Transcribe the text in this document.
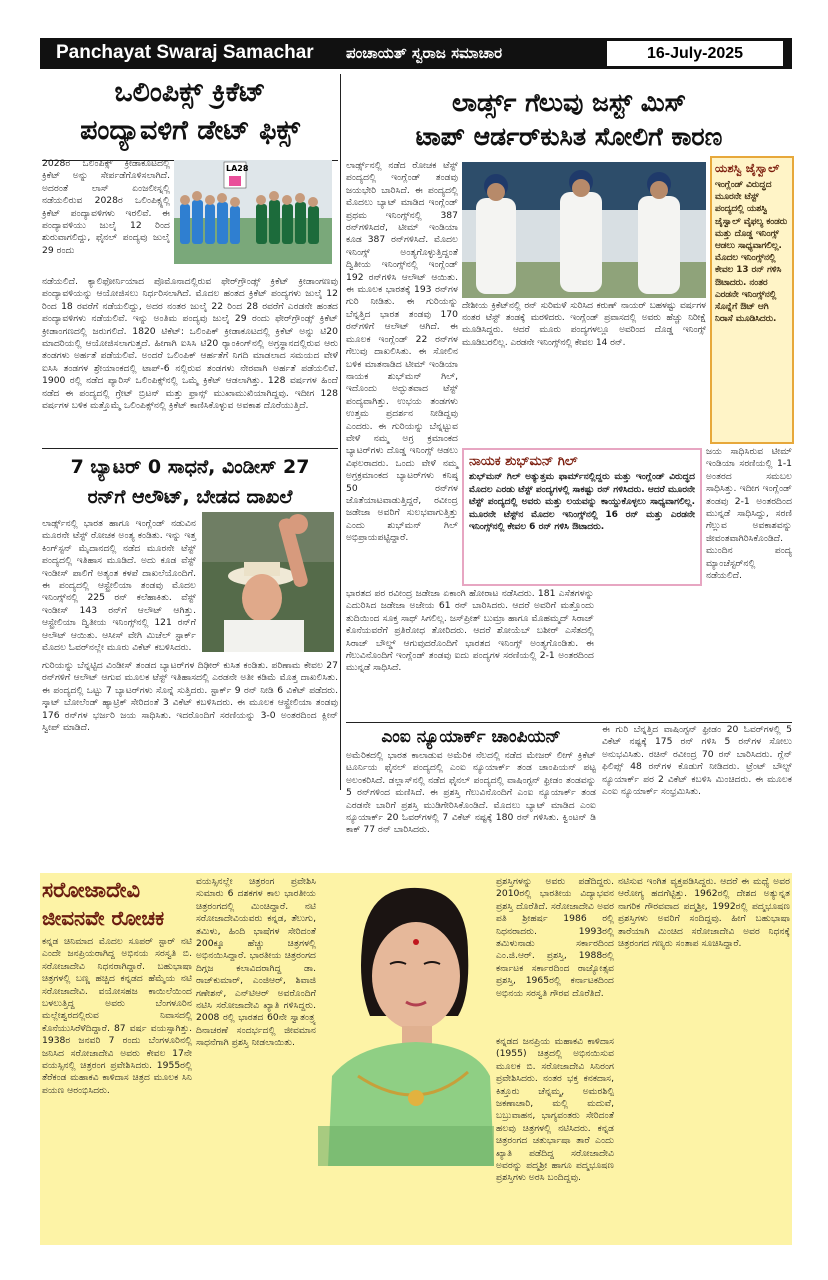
Panchayat Swaraj Samachar ಪಂಚಾಯತ್ ಸ್ವರಾಜ ಸಮಾಚಾರ	16-July-2025	4
ಒಲಿಂಪಿಕ್ಸ್ ಕ್ರಿಕೆಟ್
ಪಂದ್ಯಾವಳಿಗೆ ಡೇಟ್ ಫಿಕ್ಸ್
2028ರ ಒಲಿಂಪಿಕ್ಸ್ ಕ್ರೀಡಾಕೂಟದಲ್ಲಿ ಕ್ರಿಕೆಟ್ ಅನ್ನು ಸೇರ್ಪಡೆಗೊಳಿಸಲಾಗಿದೆ. ಅದರಂತೆ ಲಾಸ್ ಏಂಜಲೀಸ್ನಲ್ಲಿ ನಡೆಯಲಿರುವ 2028ರ ಒಲಿಂಪಿಕ್ಸ್ನಲ್ಲಿ ಕ್ರಿಕೆಟ್ ಪಂದ್ಯಾವಳಿಗಳು ಇರಲಿವೆ. ಈ ಪಂದ್ಯಾವಳಿಯು ಜುಲೈ 12 ರಿಂದ ಶುರುವಾಗಲಿದ್ದು, ಫೈನಲ್ ಪಂದ್ಯವು ಜುಲೈ 29 ರಂದು
LA28
ನಡೆಯಲಿದೆ. ಕ್ಯಾಲಿಫೋರ್ನಿಯಾದ ಪೊಮೊನಾದಲ್ಲಿರುವ ಫೇರ್‌ಗ್ರೌಂಡ್ಸ್ ಕ್ರಿಕೆಟ್ ಕ್ರೀಡಾಂಗಣವು ಪಂದ್ಯಾವಳಿಯನ್ನು ಆಯೋಜಿಸಲು ನಿರ್ಧರಿಸಲಾಗಿದೆ. ಮೊದಲ ಹಂತದ ಕ್ರಿಕೆಟ್ ಪಂದ್ಯಗಳು ಜುಲೈ 12 ರಿಂದ 18 ರವರೆಗೆ ನಡೆಯಲಿದ್ದು, ಅದರ ನಂತರ ಜುಲೈ 22 ರಿಂದ 28 ರವರೆಗೆ ಎರಡನೇ ಹಂತದ ಪಂದ್ಯಾವಳಿಗಳು ನಡೆಯಲಿವೆ. ಇನ್ನು ಅಂತಿಮ ಪಂದ್ಯವು ಜುಲೈ 29 ರಂದು ಫೇರ್‌ಗ್ರೌಂಡ್ಸ್ ಕ್ರಿಕೆಟ್ ಕ್ರೀಡಾಂಗಣದಲ್ಲಿ ಜರುಗಲಿದೆ. 1820 ಟಿಕೆಟ್: ಒಲಿಂಪಿಕ್ ಕ್ರೀಡಾಕೂಟದಲ್ಲಿ ಕ್ರಿಕೆಟ್ ಅನ್ನು ಟಿ20 ಮಾದರಿಯಲ್ಲಿ ಆಯೋಜಿಸಲಾಗುತ್ತದೆ. ಹೀಗಾಗಿ ಐಸಿಸಿ ಟಿ20 ರ‍್ಯಾಂಕಿಂಗ್‌ನಲ್ಲಿ ಅಗ್ರಸ್ಥಾನದಲ್ಲಿರುವ ಆರು ತಂಡಗಳು ಅರ್ಹತೆ ಪಡೆಯಲಿವೆ. ಅಂದರೆ ಒಲಿಂಪಿಕ್ ಆರ್ಹತೆಗೆ ನಿಗದಿ ಮಾಡಲಾದ ಸಮಯದ ವೇಳೆ ಐಸಿಸಿ ತಂಡಗಳ ಶ್ರೇಯಾಂಕದಲ್ಲಿ ಟಾಪ್-6 ನಲ್ಲಿರುವ ತಂಡಗಳು ನೇರವಾಗಿ ಅರ್ಹತೆ ಪಡೆಯಲಿವೆ. 1900 ರಲ್ಲಿ ನಡೆದ ಪ್ಯಾರಿಸ್ ಒಲಿಂಪಿಕ್ಸ್‌ನಲ್ಲಿ ಒಮ್ಮೆ ಕ್ರಿಕೆಟ್ ಆಡಲಾಗಿತ್ತು. 128 ವರ್ಷಗಳ ಹಿಂದೆ ನಡೆದ ಈ ಪಂದ್ಯದಲ್ಲಿ ಗ್ರೇಟ್ ಬ್ರಿಟನ್ ಮತ್ತು ಫ್ರಾನ್ಸ್ ಮುಖಾಮುಖಿಯಾಗಿದ್ದವು. ಇದೀಗ 128 ವರ್ಷಗಳ ಬಳಿಕ ಮತ್ತೊಮ್ಮೆ ಒಲಿಂಪಿಕ್ಸ್‌ನಲ್ಲಿ ಕ್ರಿಕೆಟ್ ಕಾಣಿಸಿಕೊಳ್ಳುವ ಅವಕಾಶ ದೊರೆಯುತ್ತಿದೆ.
7 ಬ್ಯಾಟರ್ 0 ಸಾಧನೆ, ವಿಂಡೀಸ್ 27
ರನ್‌ಗೆ ಆಲೌಟ್, ಬೇಡದ ದಾಖಲೆ
ಲಾರ್ಡ್ಸ್‌ನಲ್ಲಿ ಭಾರತ ಹಾಗೂ ಇಂಗ್ಲೆಂಡ್ ನಡುವಿನ ಮೂರನೇ ಟೆಸ್ಟ್ ರೋಚಕ ಅಂತ್ಯ ಕಂಡಿತು. ಇನ್ನು ಇತ್ತ ಕಿಂಗ್‌ಸ್ಟನ್ ಮೈದಾನದಲ್ಲಿ ನಡೆದ ಮೂರನೇ ಟೆಸ್ಟ್ ಪಂದ್ಯದಲ್ಲಿ ಇತಿಹಾಸ ಮೂಡಿದೆ. ಅದು ಕೂಡ ವೆಸ್ಟ್ ಇಂಡೀಸ್ ಪಾಲಿಗೆ ಅತ್ಯಂತ ಕಳಪೆ ದಾಖಲೆಯೊಂದಿಗೆ. ಈ ಪಂದ್ಯದಲ್ಲಿ ಆಸ್ಟ್ರೇಲಿಯಾ ತಂಡವು ಮೊದಲ ಇನಿಂಗ್ಸ್‌ನಲ್ಲಿ 225 ರನ್ ಕಲೆಹಾಕಿತು. ವೆಸ್ಟ್ ಇಂಡೀಸ್ 143 ರನ್‌ಗೆ ಆಲೌಟ್ ಆಗಿತ್ತು. ಆಸ್ಟ್ರೇಲಿಯಾ ದ್ವಿತೀಯ ಇನಿಂಗ್ಸ್‌ನಲ್ಲಿ 121 ರನ್‌ಗೆ ಆಲೌಟ್ ಆಯಿತು. ಆಸೀಸ್ ವೇಗಿ ಮಿಚೆಲ್ ಸ್ಟಾರ್ಕ್ ಮೊದಲ ಓವರ್‌ನಲ್ಲೇ ಮೂರು ವಿಕೆಟ್ ಕಬಳಿಸಿದರು.
ಗುರಿಯನ್ನು ಬೆನ್ನಟ್ಟಿದ ವಿಂಡೀಸ್ ತಂಡದ ಬ್ಯಾಟರ್‌ಗಳ ದಿಢೀರ್ ಕುಸಿತ ಕಂಡಿತು. ಪರಿಣಾಮ ಕೇವಲ 27 ರನ್‌ಗಳಿಗೆ ಆಲೌಟ್ ಆಗುವ ಮೂಲಕ ಟೆಸ್ಟ್ ಇತಿಹಾಸದಲ್ಲಿ ಎರಡನೇ ಅತೀ ಕಡಿಮೆ ಮೊತ್ತ ದಾಖಲಿಸಿತು. ಈ ಪಂದ್ಯದಲ್ಲಿ ಒಟ್ಟು 7 ಬ್ಯಾಟರ್‌ಗಳು ಸೊನ್ನೆ ಸುತ್ತಿದರು. ಸ್ಟಾರ್ಕ್ 9 ರನ್ ನೀಡಿ 6 ವಿಕೆಟ್ ಪಡೆದರು. ಸ್ಕಾಟ್ ಬೋಲೆಂಡ್ ಹ್ಯಾಟ್ರಿಕ್ ಸೇರಿದಂತೆ 3 ವಿಕೆಟ್ ಕಬಳಿಸಿದರು. ಈ ಮೂಲಕ ಆಸ್ಟ್ರೇಲಿಯಾ ತಂಡವು 176 ರನ್‌ಗಳ ಭರ್ಜರಿ ಜಯ ಸಾಧಿಸಿತು. ಇದರೊಂದಿಗೆ ಸರಣಿಯನ್ನು 3-0 ಅಂತರದಿಂದ ಕ್ಲೀನ್ ಸ್ವೀಪ್ ಮಾಡಿದೆ.
ಲಾರ್ಡ್ಸ್ ಗೆಲುವು ಜಸ್ಟ್ ಮಿಸ್
ಟಾಪ್ ಆರ್ಡರ್‌ಕುಸಿತ ಸೋಲಿಗೆ ಕಾರಣ
ಲಾರ್ಡ್ಸ್‌ನಲ್ಲಿ ನಡೆದ ರೋಚಕ ಟೆಸ್ಟ್ ಪಂದ್ಯದಲ್ಲಿ ಇಂಗ್ಲೆಂಡ್ ತಂಡವು ಜಯಭೇರಿ ಬಾರಿಸಿದೆ. ಈ ಪಂದ್ಯದಲ್ಲಿ ಮೊದಲು ಬ್ಯಾಟ್ ಮಾಡಿದ ಇಂಗ್ಲೆಂಡ್ ಪ್ರಥಮ ಇನಿಂಗ್ಸ್‌ನಲ್ಲಿ 387 ರನ್‌ಗಳಿಸಿದರೆ, ಟೀಮ್ ಇಂಡಿಯಾ ಕೂಡ 387 ರನ್‌ಗಳಿಸಿದೆ. ಮೊದಲ ಇನಿಂಗ್ಸ್ ಅಂತ್ಯಗೊಳ್ಳುತ್ತಿದ್ದಂತೆ ದ್ವಿತೀಯ ಇನಿಂಗ್ಸ್‌ನಲ್ಲಿ ಇಂಗ್ಲೆಂಡ್ 192 ರನ್‌ಗಳಿಸಿ ಆಲೌಟ್ ಆಯಿತು. ಈ ಮೂಲಕ ಭಾರತಕ್ಕೆ 193 ರನ್‌ಗಳ ಗುರಿ ನೀಡಿತು. ಈ ಗುರಿಯನ್ನು ಬೆನ್ನತ್ತಿದ ಭಾರತ ತಂಡವು 170 ರನ್‌ಗಳಿಗೆ ಆಲೌಟ್ ಆಗಿದೆ. ಈ ಮೂಲಕ ಇಂಗ್ಲೆಂಡ್ 22 ರನ್‌ಗಳ ಗೆಲುವು ದಾಖಲಿಸಿತು. ಈ ಸೋಲಿನ ಬಳಿಕ ಮಾತನಾಡಿದ ಟೀಮ್ ಇಂಡಿಯಾ ನಾಯಕ ಶುಭ್‌ಮನ್ ಗಿಲ್, ಇದೊಂದು ಅದ್ಭುತವಾದ ಟೆಸ್ಟ್ ಪಂದ್ಯವಾಗಿತ್ತು. ಉಭಯ ತಂಡಗಳು ಉತ್ತಮ ಪ್ರದರ್ಶನ ನೀಡಿದ್ದವು ಎಂದರು. ಈ ಗುರಿಯನ್ನು ಬೆನ್ನಟ್ಟುವ ವೇಳೆ ನಮ್ಮ ಅಗ್ರ ಕ್ರಮಾಂಕದ ಬ್ಯಾಟರ್‌ಗಳು ದೊಡ್ಡ ಇನಿಂಗ್ಸ್ ಆಡಲು ವಿಫಲರಾದರು. ಒಂದು ವೇಳೆ ನಮ್ಮ ಅಗ್ರಕ್ರಮಾಂಕದ ಬ್ಯಾಟರ್‌ಗಳು ಕನಿಷ್ಠ 50 ರನ್‌ಗಳ ಜೊತೆಯಾಟವಾಡುತ್ತಿದ್ದರೆ, ರವೀಂದ್ರ ಜಡೇಜಾ ಅವರಿಗೆ ಸುಲಭವಾಗುತ್ತಿತ್ತು ಎಂದು ಶುಭ್‌ಮನ್ ಗಿಲ್ ಅಭಿಪ್ರಾಯಪಟ್ಟಿದ್ದಾರೆ.
ಯಶಸ್ವಿ ಜೈಸ್ವಾಲ್
ಇಂಗ್ಲೆಂಡ್ ವಿರುದ್ಧದ ಮೂರನೇ ಟೆಸ್ಟ್ ಪಂದ್ಯದಲ್ಲಿ ಯಶಸ್ವಿ ಜೈಸ್ವಾಲ್ ವೈಫಲ್ಯ ಕಂಡರು ಮತ್ತು ದೊಡ್ಡ ಇನಿಂಗ್ಸ್ ಆಡಲು ಸಾಧ್ಯವಾಗಲಿಲ್ಲ. ಮೊದಲ ಇನಿಂಗ್ಸ್‌ನಲ್ಲಿ ಕೇವಲ 13 ರನ್ ಗಳಿಸಿ ಔಟಾದರು. ನಂತರ ಎರಡನೇ ಇನಿಂಗ್ಸ್‌ನಲ್ಲಿ ಸೊನ್ನೆಗೆ ಔಟ್ ಆಗಿ ನಿರಾಸೆ ಮೂಡಿಸಿದರು.
ದೇಶೀಯ ಕ್ರಿಕೆಟ್‌ನಲ್ಲಿ ರನ್ ಸುರಿಮಳೆ ಸುರಿಸಿದ ಕರುಣ್ ನಾಯರ್ ಬಹಳಷ್ಟು ವರ್ಷಗಳ ನಂತರ ಟೆಸ್ಟ್ ತಂಡಕ್ಕೆ ಮರಳಿದರು. ಇಂಗ್ಲೆಂಡ್ ಪ್ರವಾಸದಲ್ಲಿ ಅವರು ಹೆಚ್ಚು ನಿರೀಕ್ಷೆ ಮೂಡಿಸಿದ್ದರು. ಆದರೆ ಮೂರು ಪಂದ್ಯಗಳಲ್ಲೂ ಅವರಿಂದ ದೊಡ್ಡ ಇನಿಂಗ್ಸ್ ಮೂಡಿಬರಲಿಲ್ಲ. ಎರಡನೇ ಇನಿಂಗ್ಸ್‌ನಲ್ಲಿ ಕೇವಲ 14 ರನ್.
ನಾಯಕ ಶುಭ್‌ಮನ್ ಗಿಲ್
ಶುಭ್‌ಮನ್ ಗಿಲ್ ಅತ್ಯುತ್ತಮ ಫಾರ್ಮ್‌ನಲ್ಲಿದ್ದರು ಮತ್ತು ಇಂಗ್ಲೆಂಡ್ ವಿರುದ್ಧದ ಮೊದಲ ಎರಡು ಟೆಸ್ಟ್ ಪಂದ್ಯಗಳಲ್ಲಿ ಸಾಕಷ್ಟು ರನ್ ಗಳಿಸಿದರು. ಆದರೆ ಮೂರನೇ ಟೆಸ್ಟ್ ಪಂದ್ಯದಲ್ಲಿ ಅವರು ಮತ್ತು ಲಯವನ್ನು ಕಾಯ್ದುಕೊಳ್ಳಲು ಸಾಧ್ಯವಾಗಲಿಲ್ಲ. ಮೂರನೇ ಟೆಸ್ಟ್‌ನ ಮೊದಲ ಇನಿಂಗ್ಸ್‌ನಲ್ಲಿ 16 ರನ್ ಮತ್ತು ಎರಡನೇ ಇನಿಂಗ್ಸ್‌ನಲ್ಲಿ ಕೇವಲ 6 ರನ್ ಗಳಿಸಿ ಔಟಾದರು.
ಭಾರತದ ಪರ ರವೀಂದ್ರ ಜಡೇಜಾ ಏಕಾಂಗಿ ಹೋರಾಟ ನಡೆಸಿದರು. 181 ಎಸೆತಗಳನ್ನು ಎದುರಿಸಿದ ಜಡೇಜಾ ಅಜೇಯ 61 ರನ್ ಬಾರಿಸಿದರು. ಆದರೆ ಅವರಿಗೆ ಮತ್ತೊಂದು ತುದಿಯಿಂದ ಸೂಕ್ತ ಸಾಥ್ ಸಿಗಲಿಲ್ಲ. ಜಸ್‌ಪ್ರೀತ್ ಬುಮ್ರಾ ಹಾಗೂ ಮೊಹಮ್ಮದ್ ಸಿರಾಜ್ ಕೊನೆಯವರೆಗೆ ಪ್ರತಿರೋಧ ತೋರಿದರು. ಆದರೆ ಶೋಯೆಬ್ ಬಶೀರ್ ಎಸೆತದಲ್ಲಿ ಸಿರಾಜ್ ಬೌಲ್ಡ್ ಆಗುವುದರೊಂದಿಗೆ ಭಾರತದ ಇನಿಂಗ್ಸ್ ಅಂತ್ಯಗೊಂಡಿತು. ಈ ಗೆಲುವಿನೊಂದಿಗೆ ಇಂಗ್ಲೆಂಡ್ ತಂಡವು ಐದು ಪಂದ್ಯಗಳ ಸರಣಿಯಲ್ಲಿ 2-1 ಅಂತರದಿಂದ ಮುನ್ನಡೆ ಸಾಧಿಸಿದೆ.
ಜಯ ಸಾಧಿಸಿರುವ ಟೀಮ್ ಇಂಡಿಯಾ ಸರಣಿಯಲ್ಲಿ 1-1 ಅಂತರದ ಸಮಬಲ ಸಾಧಿಸಿತ್ತು. ಇದೀಗ ಇಂಗ್ಲೆಂಡ್ ತಂಡವು 2-1 ಅಂತರದಿಂದ ಮುನ್ನಡೆ ಸಾಧಿಸಿದ್ದು, ಸರಣಿ ಗೆಲ್ಲುವ ಅವಕಾಶವನ್ನು ಜೀವಂತವಾಗಿರಿಸಿಕೊಂಡಿದೆ. ಮುಂದಿನ ಪಂದ್ಯ ಮ್ಯಾಂಚೆಸ್ಟರ್‌ನಲ್ಲಿ ನಡೆಯಲಿದೆ.
ಎಂಐ ನ್ಯೂಯಾರ್ಕ್ ಚಾಂಪಿಯನ್
ಅಮೆರಿಕದಲ್ಲಿ ಭಾರತ ಕಾಲಾಡುವ ಅಮೆರಿಕ ನೆಲದಲ್ಲಿ ನಡೆದ ಮೇಜರ್ ಲೀಗ್ ಕ್ರಿಕೆಟ್ ಟೂರ್ನಿಯ ಫೈನಲ್ ಪಂದ್ಯದಲ್ಲಿ ಎಂಐ ನ್ಯೂಯಾರ್ಕ್ ತಂಡ ಚಾಂಪಿಯನ್ ಪಟ್ಟ ಅಲಂಕರಿಸಿದೆ. ಡಲ್ಲಾಸ್‌ನಲ್ಲಿ ನಡೆದ ಫೈನಲ್ ಪಂದ್ಯದಲ್ಲಿ ವಾಷಿಂಗ್ಟನ್ ಫ್ರೀಡಂ ತಂಡವನ್ನು 5 ರನ್‌ಗಳಿಂದ ಮಣಿಸಿದೆ. ಈ ಪ್ರಶಸ್ತಿ ಗೆಲುವಿನೊಂದಿಗೆ ಎಂಐ ನ್ಯೂಯಾರ್ಕ್ ತಂಡ ಎರಡನೇ ಬಾರಿಗೆ ಪ್ರಶಸ್ತಿ ಮುಡಿಗೇರಿಸಿಕೊಂಡಿದೆ. ಮೊದಲು ಬ್ಯಾಟ್ ಮಾಡಿದ ಎಂಐ ನ್ಯೂಯಾರ್ಕ್ 20 ಓವರ್‌ಗಳಲ್ಲಿ 7 ವಿಕೆಟ್ ನಷ್ಟಕ್ಕೆ 180 ರನ್ ಗಳಿಸಿತು. ಕ್ವಿಂಟನ್ ಡಿ ಕಾಕ್ 77 ರನ್ ಬಾರಿಸಿದರು.
ಈ ಗುರಿ ಬೆನ್ನತ್ತಿದ ವಾಷಿಂಗ್ಟನ್ ಫ್ರೀಡಂ 20 ಓವರ್‌ಗಳಲ್ಲಿ 5 ವಿಕೆಟ್ ನಷ್ಟಕ್ಕೆ 175 ರನ್ ಗಳಿಸಿ 5 ರನ್‌ಗಳ ಸೋಲು ಅನುಭವಿಸಿತು. ರಚಿನ್ ರವೀಂದ್ರ 70 ರನ್ ಬಾರಿಸಿದರು. ಗ್ಲೆನ್ ಫಿಲಿಪ್ಸ್ 48 ರನ್‌ಗಳ ಕೊಡುಗೆ ನೀಡಿದರು. ಟ್ರೆಂಟ್ ಬೌಲ್ಟ್ ನ್ಯೂಯಾರ್ಕ್ ಪರ 2 ವಿಕೆಟ್ ಕಬಳಿಸಿ ಮಿಂಚಿದರು. ಈ ಮೂಲಕ ಎಂಐ ನ್ಯೂಯಾರ್ಕ್ ಸಂಭ್ರಮಿಸಿತು.
ಸರೋಜಾದೇವಿ
ಜೀವನವೇ ರೋಚಕ
ಕನ್ನಡ ಚಿನಿಮಾದ ಮೊದಲ ಸೂಪರ್ ಸ್ಟಾರ್ ನಟಿ ಎಂದೇ ಜನಪ್ರಿಯರಾಗಿದ್ದ ಅಭಿನಯ ಸರಸ್ವತಿ ಬಿ. ಸರೋಜಾದೇವಿ ನಿಧನರಾಗಿದ್ದಾರೆ. ಬಹುಭಾಷಾ ಚಿತ್ರಗಳಲ್ಲಿ ಬಣ್ಣ ಹಚ್ಚಿದ ಕನ್ನಡದ ಹೆಮ್ಮೆಯ ನಟಿ ಸರೋಜಾದೇವಿ. ವಯೋಸಹಜ ಕಾಯಿಲೆಯಿಂದ ಬಳಲುತ್ತಿದ್ದ ಅವರು ಬೆಂಗಳೂರಿನ ಮಲ್ಲೇಶ್ವರದಲ್ಲಿರುವ ನಿವಾಸದಲ್ಲಿ ಕೊನೆಯುಸಿರೆಳೆದಿದ್ದಾರೆ. 87 ವರ್ಷ ವಯಸ್ಸಾಗಿತ್ತು. 1938ರ ಜನವರಿ 7 ರಂದು ಬೆಂಗಳೂರಿನಲ್ಲಿ ಜನಿಸಿದ ಸರೋಜಾದೇವಿ ಅವರು ಕೇವಲ 17ನೇ ವಯಸ್ಸಿನಲ್ಲಿ ಚಿತ್ರರಂಗ ಪ್ರವೇಶಿಸಿದರು. 1955ರಲ್ಲಿ ತೆರೆಕಂಡ ಮಹಾಕವಿ ಕಾಳಿದಾಸ ಚಿತ್ರದ ಮೂಲಕ ಸಿನಿ ಪಯಣ ಆರಂಭಿಸಿದರು.
ವಯಸ್ಸಿನಲ್ಲೇ ಚಿತ್ರರಂಗ ಪ್ರವೇಶಿಸಿ ಸುಮಾರು 6 ದಶಕಗಳ ಕಾಲ ಭಾರತೀಯ ಚಿತ್ರರಂಗದಲ್ಲಿ ಮಿಂಚಿದ್ದಾರೆ. ನಟಿ ಸರೋಜಾದೇವಿಯವರು ಕನ್ನಡ, ತೆಲುಗು, ತಮಿಳು, ಹಿಂದಿ ಭಾಷೆಗಳ ಸೇರಿದಂತೆ 200ಕ್ಕೂ ಹೆಚ್ಚು ಚಿತ್ರಗಳಲ್ಲಿ ಅಭಿನಯಿಸಿದ್ದಾರೆ. ಭಾರತೀಯ ಚಿತ್ರರಂಗದ ದಿಗ್ಗಜ ಕಲಾವಿದರಾಗಿದ್ದ ಡಾ. ರಾಜ್‌ಕುಮಾರ್, ಎಂಜಿಆರ್, ಶಿವಾಜಿ ಗಣೇಶನ್, ಎನ್‌ಟಿಆರ್ ಅವರೊಂದಿಗೆ ನಟಿಸಿ ಸರೋಜಾದೇವಿ ಖ್ಯಾತಿ ಗಳಿಸಿದ್ದರು. 2008 ರಲ್ಲಿ ಭಾರತದ 60ನೇ ಸ್ವಾತಂತ್ರ್ಯ ದಿನಾಚರಣೆ ಸಂದರ್ಭದಲ್ಲಿ ಜೀವಮಾನ ಸಾಧನೆಗಾಗಿ ಪ್ರಶಸ್ತಿ ನೀಡಲಾಯಿತು.
ಪ್ರಶಸ್ತಿಗಳನ್ನು ಅವರು ಪಡೆದಿದ್ದರು. 2010ರಲ್ಲಿ ಭಾರತೀಯ ವಿದ್ಯಾಭವನ ಪ್ರಶಸ್ತಿ ದೊರೆತಿದೆ. ಸರೋಜಾದೇವಿ ಅವರ ಪತಿ ಶ್ರೀಹರ್ಷ 1986 ರಲ್ಲಿ ನಿಧನರಾದರು. 1993ರಲ್ಲಿ ತಮಿಳುನಾಡು ಸರ್ಕಾರದಿಂದ ಎಂ.ಜಿ.ಆರ್. ಪ್ರಶಸ್ತಿ, 1988ರಲ್ಲಿ ಕರ್ನಾಟಕ ಸರ್ಕಾರದಿಂದ ರಾಜ್ಯೋತ್ಸವ ಪ್ರಶಸ್ತಿ, 1965ರಲ್ಲಿ ಕರ್ನಾಟಕದಿಂದ ಅಭಿನಯ ಸರಸ್ವತಿ ಗೌರವ ದೊರೆತಿದೆ.
ನಟಿಸುವ ಇಂಗಿತ ವ್ಯಕ್ತಪಡಿಸಿದ್ದರು. ಆದರೆ ಈ ಮಧ್ಯೆ ಅವರ ಆರೋಗ್ಯ ಹದಗೆಟ್ಟಿತ್ತು. 1962ರಲ್ಲಿ ದೇಶದ ಅತ್ಯುನ್ನತ ನಾಗರಿಕ ಗೌರವವಾದ ಪದ್ಮಶ್ರೀ, 1992ರಲ್ಲಿ ಪದ್ಮಭೂಷಣ ಪ್ರಶಸ್ತಿಗಳು ಅವರಿಗೆ ಸಂದಿದ್ದವು. ಹೀಗೆ ಬಹುಭಾಷಾ ತಾರೆಯಾಗಿ ಮಿಂಚಿದ ಸರೋಜಾದೇವಿ ಅವರ ನಿಧನಕ್ಕೆ ಚಿತ್ರರಂಗದ ಗಣ್ಯರು ಸಂತಾಪ ಸೂಚಿಸಿದ್ದಾರೆ.
ಕನ್ನಡದ ಜನಪ್ರಿಯ ಮಹಾಕವಿ ಕಾಳಿದಾಸ (1955) ಚಿತ್ರದಲ್ಲಿ ಅಭಿನಯಿಸುವ ಮೂಲಕ ಬಿ. ಸರೋಜಾದೇವಿ ಸಿನಿರಂಗ ಪ್ರವೇಶಿಸಿದರು. ನಂತರ ಭಕ್ತ ಕನಕದಾಸ, ಕಿತ್ತೂರು ಚೆನ್ನಮ್ಮ, ಅಮರಶಿಲ್ಪಿ ಜಕಣಾಚಾರಿ, ಮಲ್ಲಿ ಮದುವೆ, ಬಬ್ರುವಾಹನ, ಭಾಗ್ಯವಂತರು ಸೇರಿದಂತೆ ಹಲವು ಚಿತ್ರಗಳಲ್ಲಿ ನಟಿಸಿದರು. ಕನ್ನಡ ಚಿತ್ರರಂಗದ ಚತುರ್ಭಾಷಾ ತಾರೆ ಎಂದು ಖ್ಯಾತಿ ಪಡೆದಿದ್ದ ಸರೋಜಾದೇವಿ ಅವರನ್ನು ಪದ್ಮಶ್ರೀ ಹಾಗೂ ಪದ್ಮಭೂಷಣ ಪ್ರಶಸ್ತಿಗಳು ಅರಸಿ ಬಂದಿದ್ದವು.
